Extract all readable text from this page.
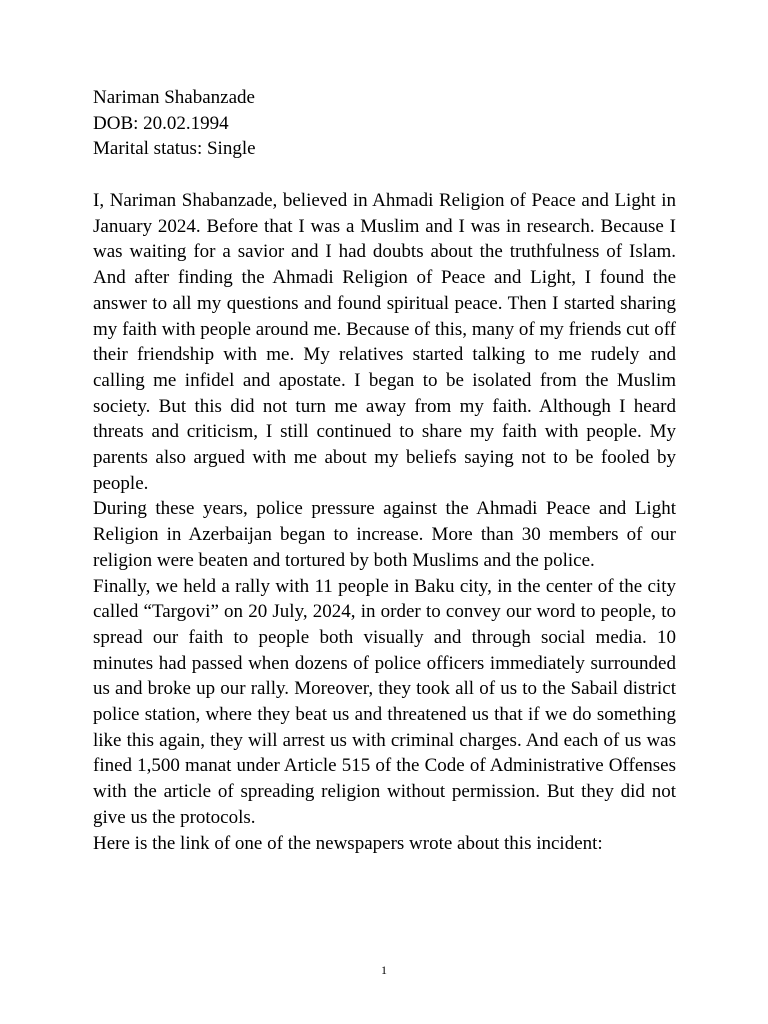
Nariman Shabanzade
DOB: 20.02.1994
Marital status: Single

I, Nariman Shabanzade, believed in Ahmadi Religion of Peace and Light in January 2024. Before that I was a Muslim and I was in research. Because I was waiting for a savior and I had doubts about the truthfulness of Islam. And after finding the Ahmadi Religion of Peace and Light, I found the answer to all my questions and found spiritual peace. Then I started sharing my faith with people around me. Because of this, many of my friends cut off their friendship with me. My relatives started talking to me rudely and calling me infidel and apostate. I began to be isolated from the Muslim society. But this did not turn me away from my faith. Although I heard threats and criticism, I still continued to share my faith with people. My parents also argued with me about my beliefs saying not to be fooled by people.

During these years, police pressure against the Ahmadi Peace and Light Religion in Azerbaijan began to increase. More than 30 members of our religion were beaten and tortured by both Muslims and the police.

Finally, we held a rally with 11 people in Baku city, in the center of the city called “Targovi” on 20 July, 2024, in order to convey our word to people, to spread our faith to people both visually and through social media. 10 minutes had passed when dozens of police officers immediately surrounded us and broke up our rally. Moreover, they took all of us to the Sabail district police station, where they beat us and threatened us that if we do something like this again, they will arrest us with criminal charges. And each of us was fined 1,500 manat under Article 515 of the Code of Administrative Offenses with the article of spreading religion without permission. But they did not give us the protocols.

Here is the link of one of the newspapers wrote about this incident:

1
